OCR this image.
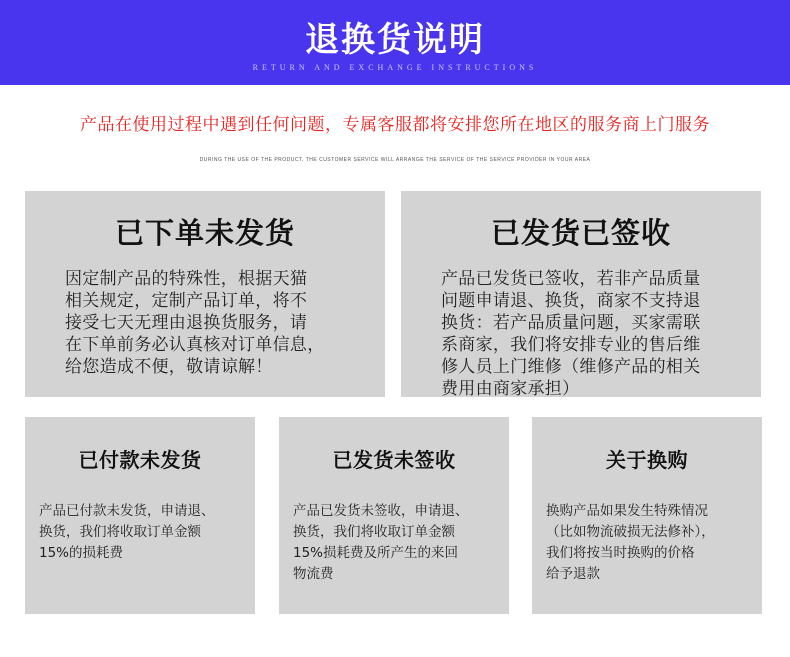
退换货说明
RETURN AND EXCHANGE INSTRUCTIONS
产品在使用过程中遇到任何问题，专属客服都将安排您所在地区的服务商上门服务
DURING THE USE OF THE PRODUCT, THE CUSTOMER SERVICE WILL ARRANGE THE SERVICE OF THE SERVICE PROVIDER IN YOUR AREA
已下单未发货
因定制产品的特殊性，根据天猫
相关规定，定制产品订单，将不
接受七天无理由退换货服务，请
在下单前务必认真核对订单信息，
给您造成不便，敬请谅解！
已发货已签收
产品已发货已签收，若非产品质量
问题申请退、换货，商家不支持退
换货：若产品质量问题，买家需联
系商家，我们将安排专业的售后维
修人员上门维修（维修产品的相关
费用由商家承担）
已付款未发货
产品已付款未发货，申请退、
换货，我们将收取订单金额
15%的损耗费
已发货未签收
产品已发货未签收，申请退、
换货，我们将收取订单金额
15%损耗费及所产生的来回
物流费
关于换购
换购产品如果发生特殊情况
（比如物流破损无法修补），
我们将按当时换购的价格
给予退款
